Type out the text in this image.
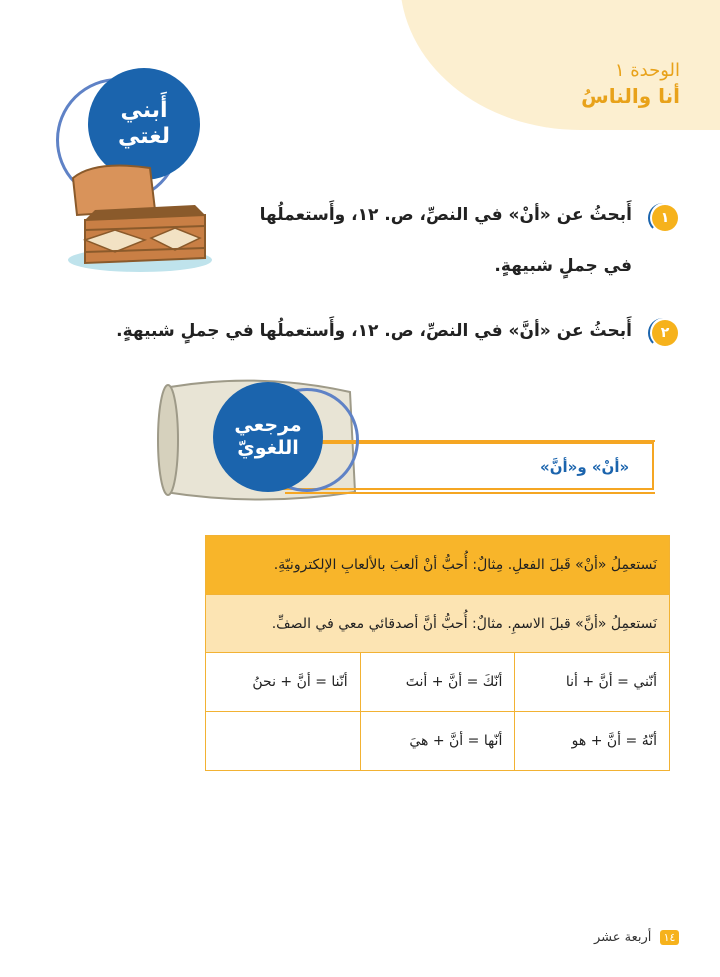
الوحدة ١
أنا والناسُ
أَبني
لغتي
١
أَبحثُ عن «أنْ» في النصِّ، ص. ١٢، وأَستعملُها
في جملٍ شبيهةٍ.
٢
أَبحثُ عن «أنَّ» في النصِّ، ص. ١٢، وأَستعملُها في جملٍ شبيهةٍ.
مرجعي
اللغويّ
«أنْ» و«أنَّ»
نَستعمِلُ «أنْ» قَبلَ الفعلِ. مِثالٌ: أُحبُّ أنْ ألعبَ بالألعابِ الإلكترونيّةِ.		
نَستعمِلُ «أنَّ» قبلَ الاسمِ. مثالٌ: أُحبُّ أنَّ أصدقائي معي في الصفِّ.		
أنّني = أنَّ + أنا	أنّكَ = أنَّ + أنتَ	أنّنا = أنَّ + نحنُ
أنّهُ = أنَّ + هو	أنّها = أنَّ + هيَ	
١٤ أربعة عشر
